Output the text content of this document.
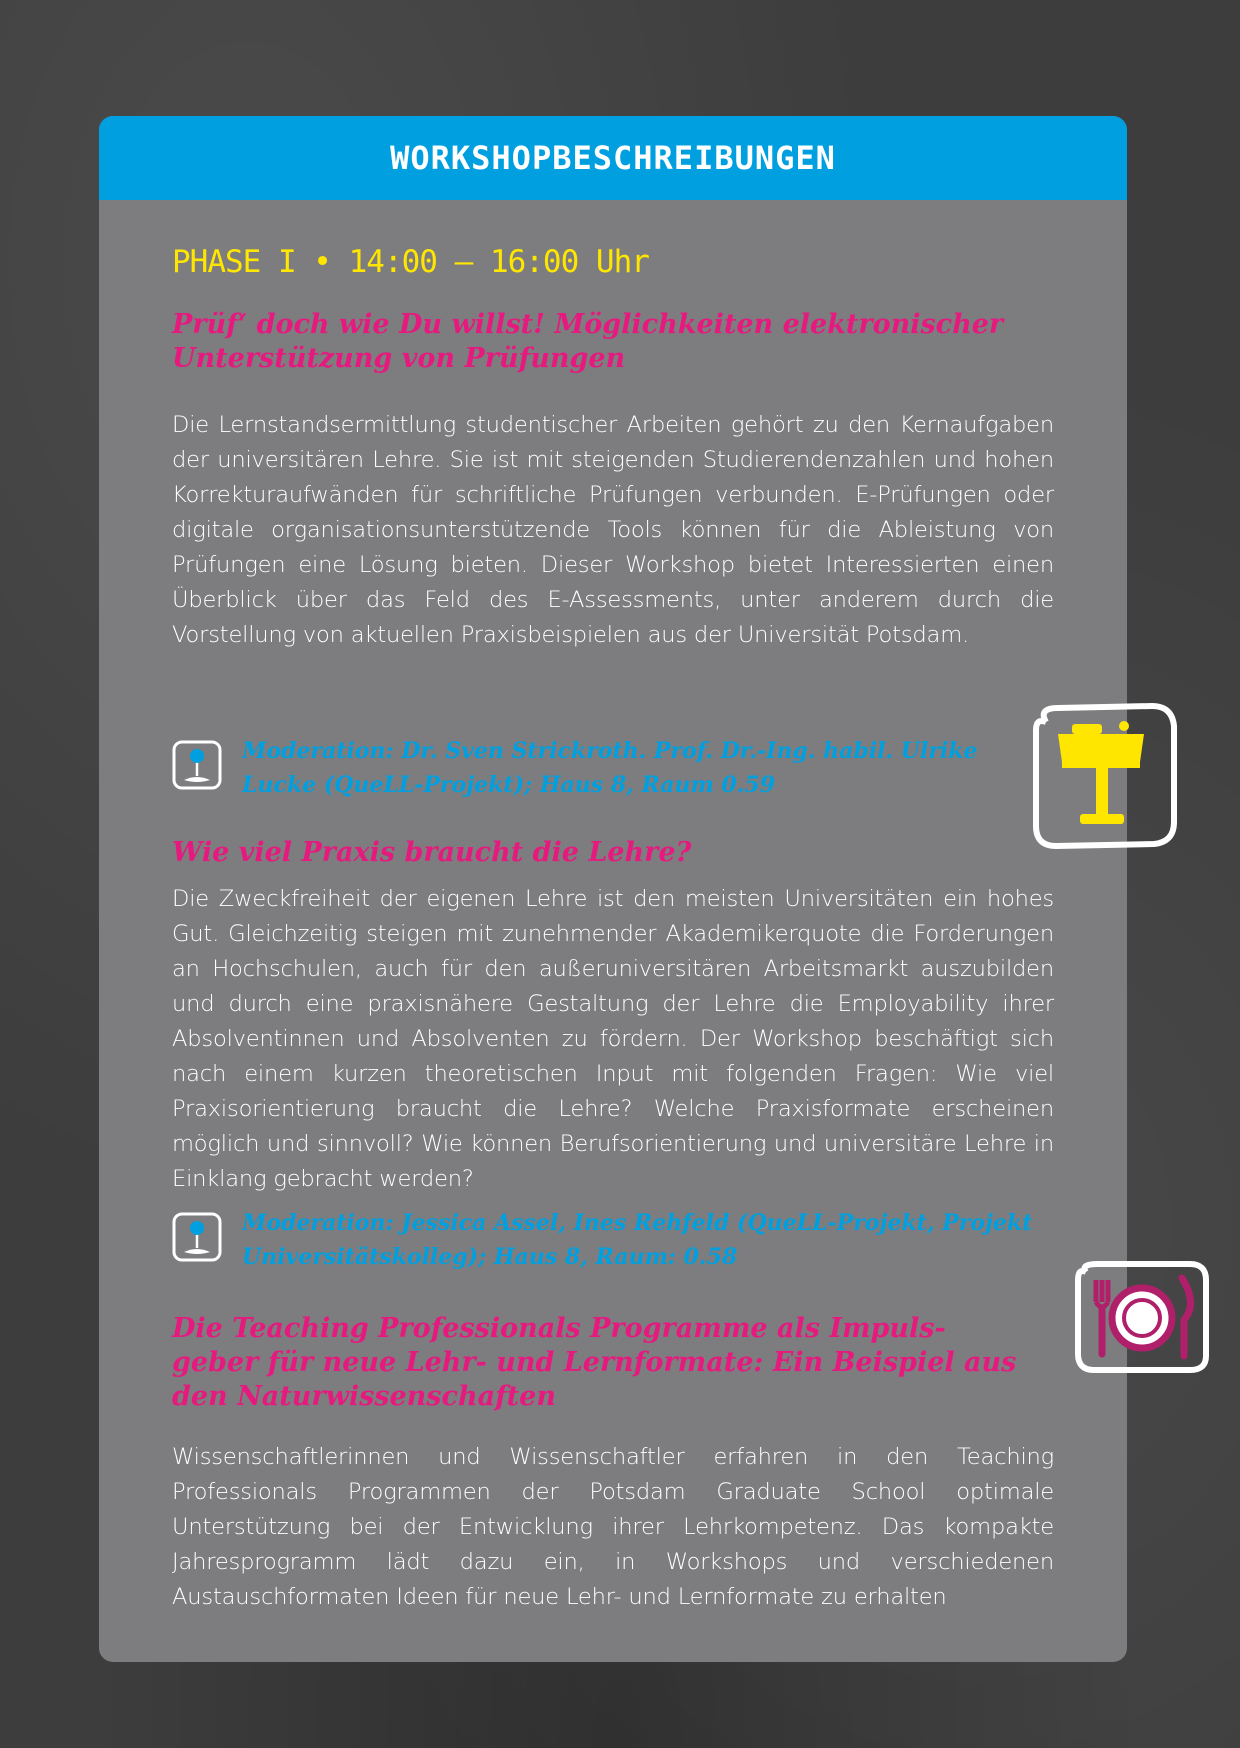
WORKSHOPBESCHREIBUNGEN
PHASE I • 14:00 – 16:00 Uhr
Prüf‘ doch wie Du willst! Möglichkeiten elektronischer Unterstützung von Prüfungen

Die Lernstandsermittlung studentischer Arbeiten gehört zu den Kernaufgaben der universitären Lehre. Sie ist mit steigenden Studierendenzahlen und hohen Korrekturaufwänden für schriftliche Prüfungen verbunden. E-Prüfungen oder digitale organisationsunterstützende Tools können für die Ableistung von Prüfungen eine Lösung bieten. Dieser Workshop bietet Interessierten einen Überblick über das Feld des E-Assessments, unter anderem durch die Vorstellung von aktuellen Praxisbeispielen aus der Universität Potsdam.

Moderation: Dr. Sven Strickroth. Prof. Dr.-Ing. habil. Ulrike Lucke (QueLL-Projekt); Haus 8, Raum 0.59
Wie viel Praxis braucht die Lehre?

Die Zweckfreiheit der eigenen Lehre ist den meisten Universitäten ein hohes Gut. Gleichzeitig steigen mit zunehmender Akademikerquote die Forderungen an Hochschulen, auch für den außeruniversitären Arbeitsmarkt auszubilden und durch eine praxisnähere Gestaltung der Lehre die Employability ihrer Absolventinnen und Absolventen zu fördern. Der Workshop beschäftigt sich nach einem kurzen theoretischen Input mit folgenden Fragen: Wie viel Praxisorientierung braucht die Lehre? Welche Praxisformate erscheinen möglich und sinnvoll? Wie können Berufsorientierung und universitäre Lehre in Einklang gebracht werden?

Moderation: Jessica Assel, Ines Rehfeld (QueLL-Projekt, Projekt Universitätskolleg); Haus 8, Raum: 0.58
Die Teaching Professionals Programme als Impuls-geber für neue Lehr- und Lernformate: Ein Beispiel aus den Naturwissenschaften

Wissenschaftlerinnen und Wissenschaftler erfahren in den Teaching Professionals Programmen der Potsdam Graduate School optimale Unterstützung bei der Entwicklung ihrer Lehrkompetenz. Das kompakte Jahresprogramm lädt dazu ein, in Workshops und verschiedenen Austauschformaten Ideen für neue Lehr- und Lernformate zu erhalten
